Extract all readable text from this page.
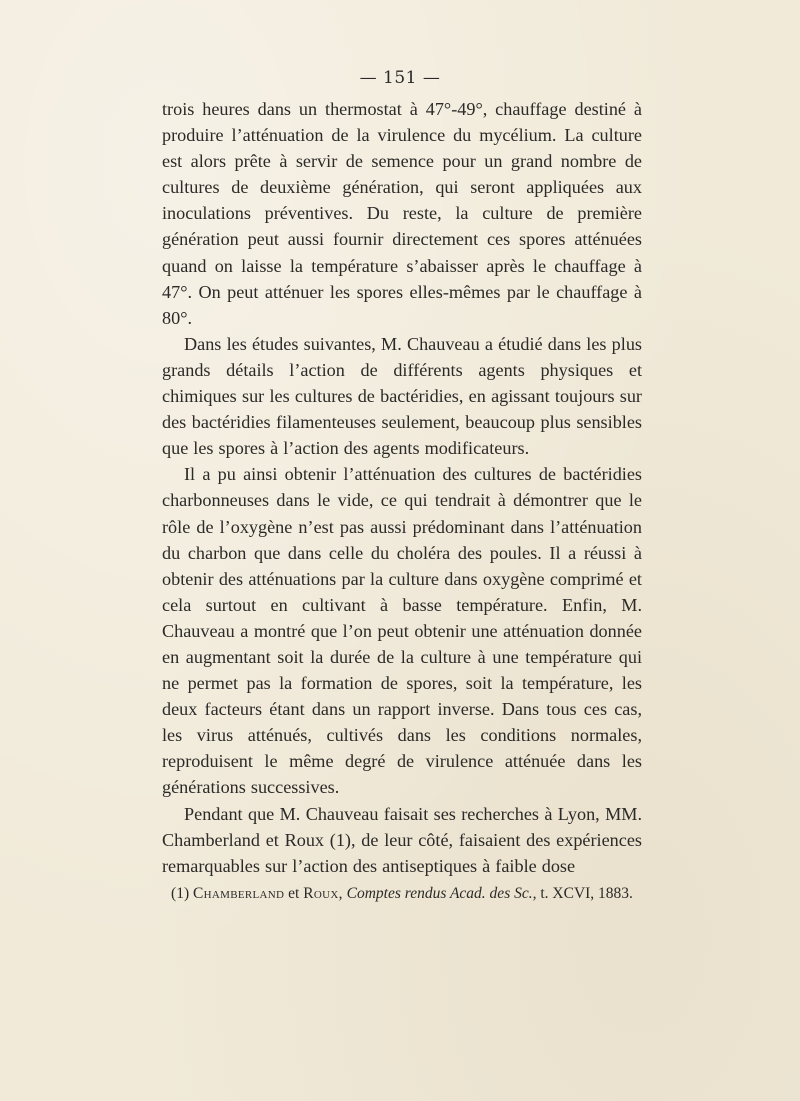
— 151 —

trois heures dans un thermostat à 47°-49°, chauffage destiné à produire l’atténuation de la virulence du mycélium. La culture est alors prête à servir de semence pour un grand nombre de cultures de deuxième génération, qui seront appliquées aux inoculations préventives. Du reste, la culture de première génération peut aussi fournir directement ces spores atténuées quand on laisse la température s’abaisser après le chauffage à 47°. On peut atténuer les spores elles-mêmes par le chauffage à 80°.

Dans les études suivantes, M. Chauveau a étudié dans les plus grands détails l’action de différents agents physiques et chimiques sur les cultures de bactéridies, en agissant toujours sur des bactéridies filamenteuses seulement, beaucoup plus sensibles que les spores à l’action des agents modificateurs.

Il a pu ainsi obtenir l’atténuation des cultures de bactéridies charbonneuses dans le vide, ce qui tendrait à démontrer que le rôle de l’oxygène n’est pas aussi prédominant dans l’atténuation du charbon que dans celle du choléra des poules. Il a réussi à obtenir des atténuations par la culture dans oxygène comprimé et cela surtout en cultivant à basse température. Enfin, M. Chauveau a montré que l’on peut obtenir une atténuation donnée en augmentant soit la durée de la culture à une température qui ne permet pas la formation de spores, soit la température, les deux facteurs étant dans un rapport inverse. Dans tous ces cas, les virus atténués, cultivés dans les conditions normales, reproduisent le même degré de virulence atténuée dans les générations successives.

Pendant que M. Chauveau faisait ses recherches à Lyon, MM. Chamberland et Roux (1), de leur côté, faisaient des expériences remarquables sur l’action des antiseptiques à faible dose

(1) Chamberland et Roux, Comptes rendus Acad. des Sc., t. XCVI, 1883.
